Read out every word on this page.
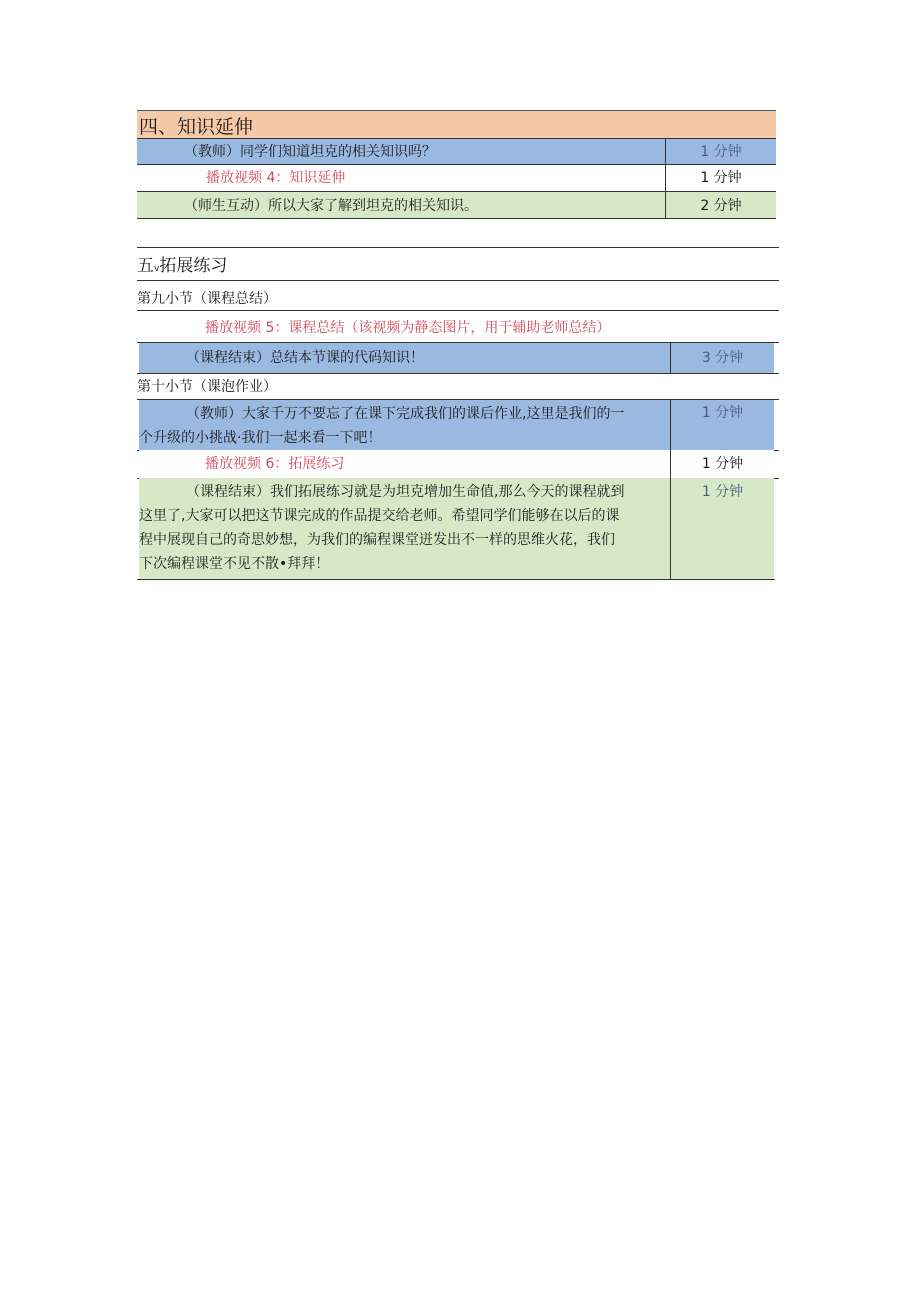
四、知识延伸
（教师）同学们知道坦克的相关知识吗？	1 分钟
播放视频 4：知识延伸	1 分钟
（师生互动）所以大家了解到坦克的相关知识。	2 分钟
五v拓展练习
第九小节（课程总结）
播放视频 5：课程总结（该视频为静态图片，用于辅助老师总结）
（课程结束）总结本节课的代码知识！	3 分钟
第十小节（课泡作业）
（教师）大家千万不要忘了在课下完成我们的课后作业,这里是我们的一
个升级的小挑战·我们一起来看一下吧！
1 分钟
播放视频 6：拓展练习	1 分钟
（课程结束）我们拓展练习就是为坦克增加生命值,那么今天的课程就到
这里了,大家可以把这节课完成的作品提交给老师。希望同学们能够在以后的课
程中展现自己的奇思妙想，为我们的编程课堂迸发出不一样的思维火花，我们
下次编程课堂不见不散•拜拜！
1 分钟
